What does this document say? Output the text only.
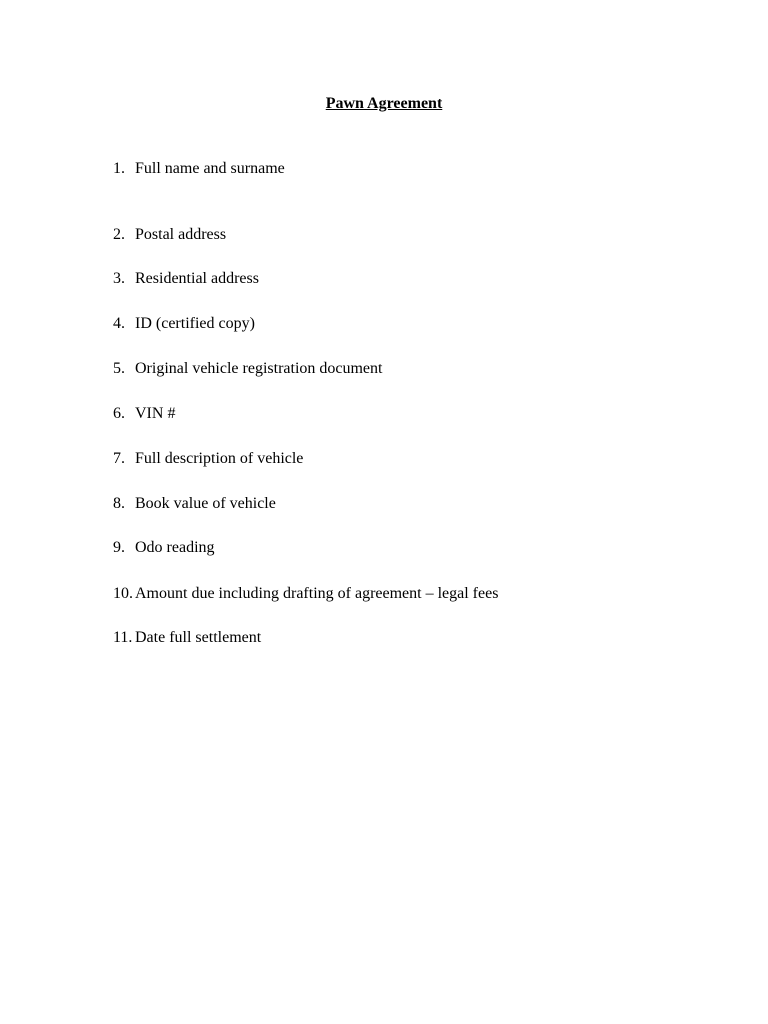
Pawn Agreement
1. Full name and surname
2. Postal address
3. Residential address
4. ID (certified copy)
5. Original vehicle registration document
6. VIN #
7. Full description of vehicle
8. Book value of vehicle
9. Odo reading
10. Amount due including drafting of agreement – legal fees
11. Date full settlement
